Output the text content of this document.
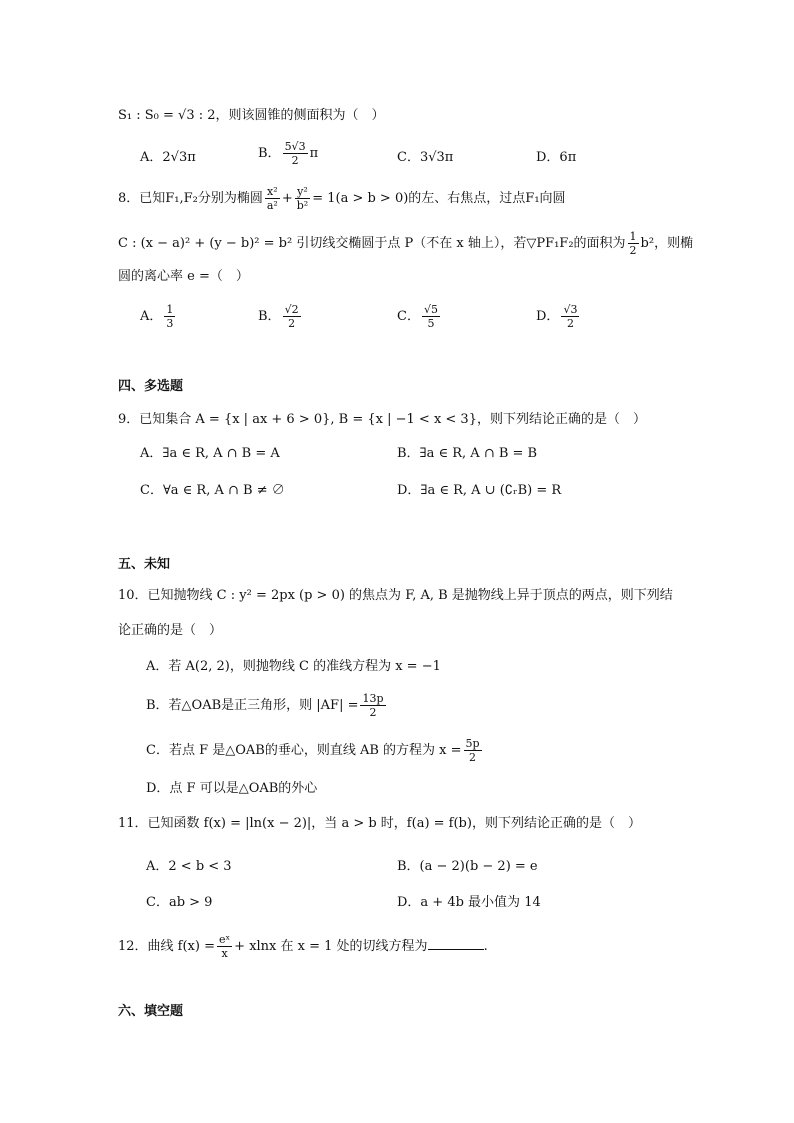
S₁ : S₀ = √3 : 2，则该圆锥的侧面积为（　）
A．2√3π	B． $\frac{5√3}{2}$ π	C．3√3π	D．6π
8．已知F₁,F₂分别为椭圆 $\frac{\text{x²}}{\text{a²}} + \frac{\text{y²}}{\text{b²}} = 1(a > b > 0)$的左、右焦点，过点F₁向圆
C : (x − a)² + (y − b)² = b² 引切线交椭圆于点 P（不在 x 轴上），若▽PF₁F₂的面积为 $\frac{1}{2} b^2$，则椭
圆的离心率 e =（　）
A． $\frac{1}{3}$	B． $\frac{√2}{2}$	C． $\frac{√5}{5}$	D． $\frac{√3}{2}$
四、多选题
9．已知集合 A = {x | ax + 6 > 0}, B = {x | −1 < x < 3}，则下列结论正确的是（　）
A．∃a ∈ R, A ∩ B = A	B．∃a ∈ R, A ∩ B = B
C．∀a ∈ R, A ∩ B ≠ ∅	D．∃a ∈ R, A ∪ (∁ᵣB) = R
五、未知
10．已知抛物线 C : y² = 2px (p > 0) 的焦点为 F, A, B 是抛物线上异于顶点的两点，则下列结
论正确的是（　）
A．若 A(2, 2)，则抛物线 C 的准线方程为 x = −1
B．若△OAB是正三角形，则 $|AF| = \frac{13p}{2}$
C．若点 F 是△OAB的垂心，则直线 AB 的方程为 $x = \frac{5p}{2}$
D．点 F 可以是△OAB的外心
11．已知函数 f(x) = |ln(x − 2)|，当 a > b 时，f(a) = f(b)，则下列结论正确的是（　）
A．2 < b < 3	B．(a − 2)(b − 2) = e
C．ab > 9	D．a + 4b 最小值为 14
12．曲线 $f(x) = \frac{\text{eˣ}}{x} + xlnx$ 在 x = 1 处的切线方程为	.
六、填空题
